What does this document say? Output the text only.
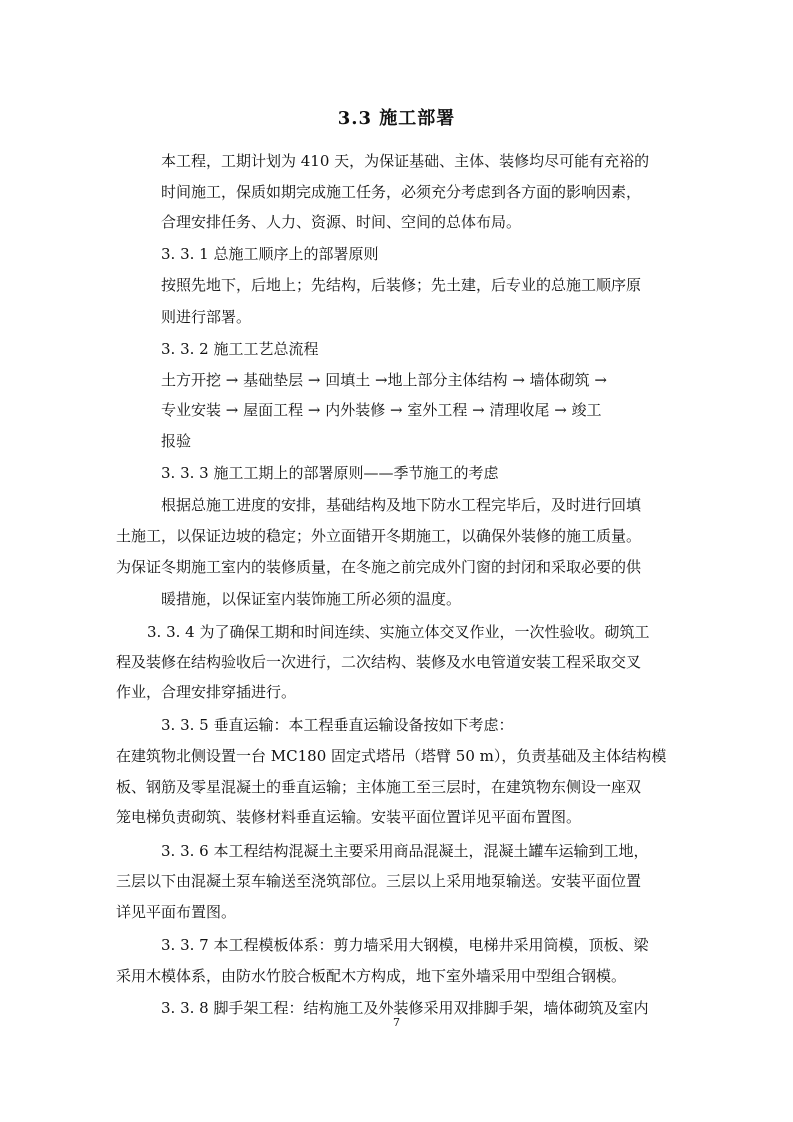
3.3 施工部署

本工程，工期计划为 410 天，为保证基础、主体、装修均尽可能有充裕的

时间施工，保质如期完成施工任务，必须充分考虑到各方面的影响因素，

合理安排任务、人力、资源、时间、空间的总体布局。

3. 3. 1 总施工顺序上的部署原则

按照先地下，后地上；先结构，后装修；先土建，后专业的总施工顺序原

则进行部署。

3. 3. 2 施工工艺总流程

土方开挖 → 基础垫层 → 回填土 →地上部分主体结构 → 墙体砌筑 →

专业安装 → 屋面工程 → 内外装修 → 室外工程 → 清理收尾 → 竣工

报验

3. 3. 3 施工工期上的部署原则——季节施工的考虑

根据总施工进度的安排，基础结构及地下防水工程完毕后，及时进行回填

土施工，以保证边坡的稳定；外立面错开冬期施工，以确保外装修的施工质量。

为保证冬期施工室内的装修质量，在冬施之前完成外门窗的封闭和采取必要的供

暖措施，以保证室内装饰施工所必须的温度。

3. 3. 4 为了确保工期和时间连续、实施立体交叉作业，一次性验收。砌筑工

程及装修在结构验收后一次进行，二次结构、装修及水电管道安装工程采取交叉

作业，合理安排穿插进行。

3. 3. 5 垂直运输：本工程垂直运输设备按如下考虑：

在建筑物北侧设置一台 MC180 固定式塔吊（塔臂 50 m），负责基础及主体结构模

板、钢筋及零星混凝土的垂直运输；主体施工至三层时，在建筑物东侧设一座双

笼电梯负责砌筑、装修材料垂直运输。安装平面位置详见平面布置图。

3. 3. 6 本工程结构混凝土主要采用商品混凝土，混凝土罐车运输到工地，

三层以下由混凝土泵车输送至浇筑部位。三层以上采用地泵输送。安装平面位置

详见平面布置图。

3. 3. 7 本工程模板体系：剪力墙采用大钢模，电梯井采用筒模，顶板、梁

采用木模体系，由防水竹胶合板配木方构成，地下室外墙采用中型组合钢模。

3. 3. 8 脚手架工程：结构施工及外装修采用双排脚手架，墙体砌筑及室内

7
